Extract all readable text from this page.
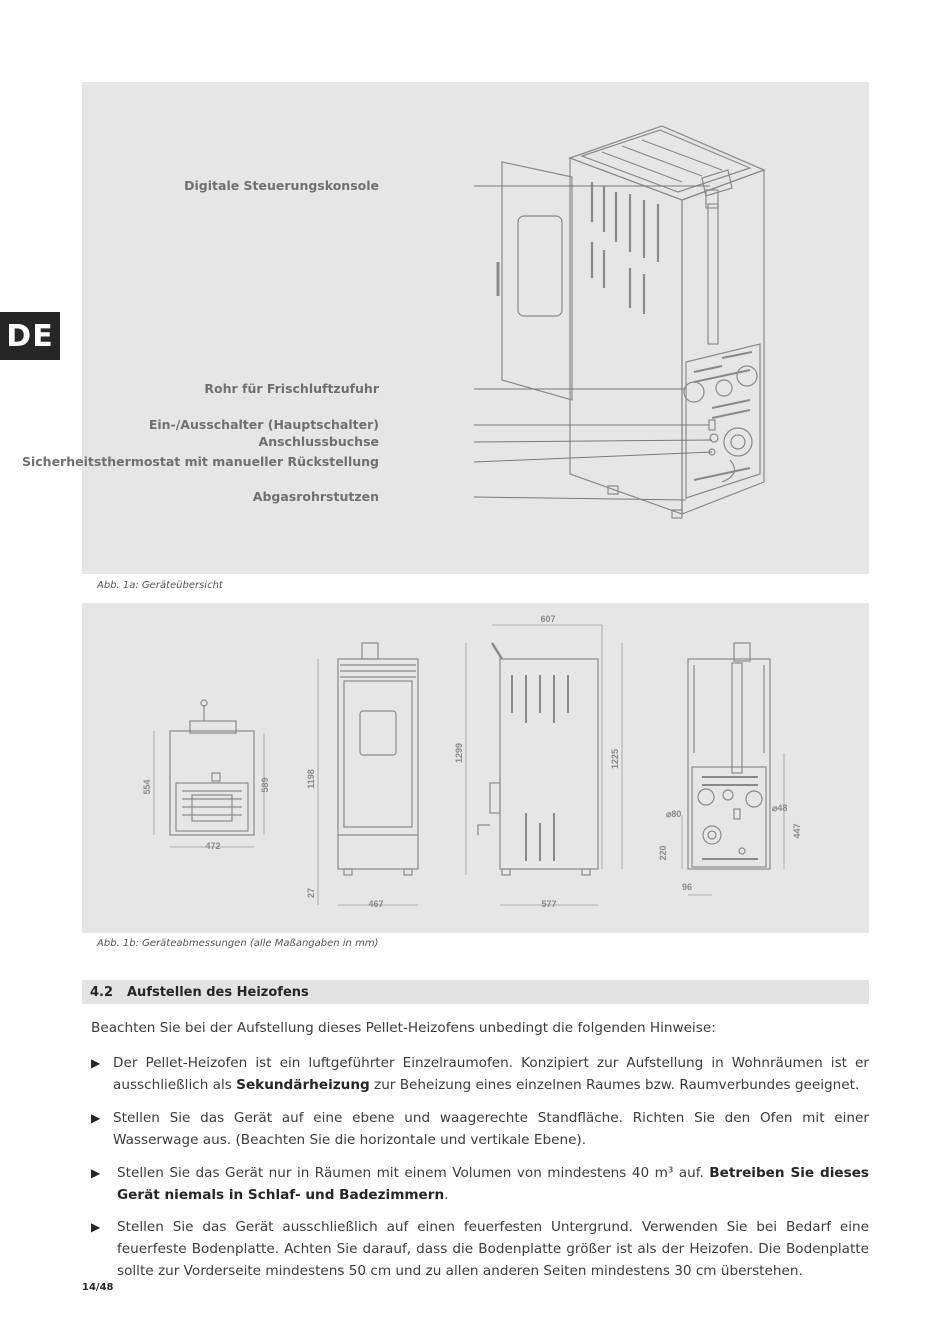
DE
Digitale Steuerungskonsole
Rohr für Frischluftzufuhr
Ein-/Ausschalter (Hauptschalter)
Anschlussbuchse
Sicherheitsthermostat mit manueller Rückstellung
Abgasrohrstutzen
Abb. 1a: Geräteübersicht
554	589
472
1198
27
467
607
1299	1225
577
⌀80
⌀48
447
220
96
Abb. 1b: Geräteabmessungen (alle Maßangaben in mm)
4.2	Aufstellen des Heizofens
Beachten Sie bei der Aufstellung dieses Pellet-Heizofens unbedingt die folgenden Hinweise:
▶ Der Pellet-Heizofen ist ein luftgeführter Einzelraumofen. Konzipiert zur Aufstellung in Wohnräumen ist er ausschließlich als Sekundärheizung zur Beheizung eines einzelnen Raumes bzw. Raumverbundes geeignet.
▶ Stellen Sie das Gerät auf eine ebene und waagerechte Standfläche. Richten Sie den Ofen mit einer Wasserwage aus. (Beachten Sie die horizontale und vertikale Ebene).
▶ Stellen Sie das Gerät nur in Räumen mit einem Volumen von mindestens 40 m³ auf. Betreiben Sie dieses Gerät niemals in Schlaf- und Badezimmern.
▶ Stellen Sie das Gerät ausschließlich auf einen feuerfesten Untergrund. Verwenden Sie bei Bedarf eine feuerfeste Bodenplatte. Achten Sie darauf, dass die Bodenplatte größer ist als der Heizofen. Die Bodenplatte sollte zur Vorderseite mindestens 50 cm und zu allen anderen Seiten mindestens 30 cm überstehen.
14/48
